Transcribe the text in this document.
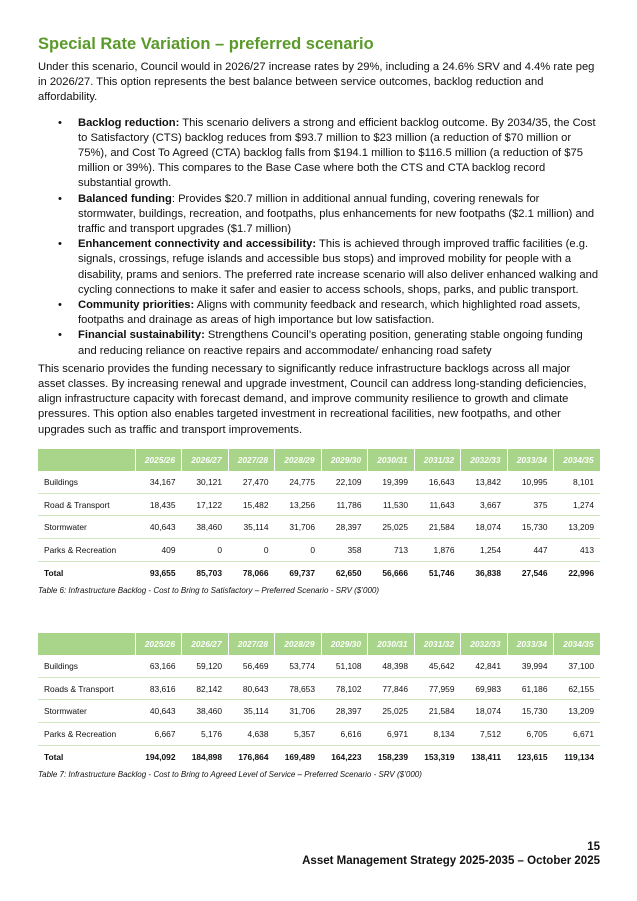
Special Rate Variation – preferred scenario

Under this scenario, Council would in 2026/27 increase rates by 29%, including a 24.6% SRV and 4.4% rate peg in 2026/27. This option represents the best balance between service outcomes, backlog reduction and affordability.

• Backlog reduction: This scenario delivers a strong and efficient backlog outcome. By 2034/35, the Cost to Satisfactory (CTS) backlog reduces from $93.7 million to $23 million (a reduction of $70 million or 75%), and Cost To Agreed (CTA) backlog falls from $194.1 million to $116.5 million (a reduction of $75 million or 39%). This compares to the Base Case where both the CTS and CTA backlog record substantial growth.
• Balanced funding: Provides $20.7 million in additional annual funding, covering renewals for stormwater, buildings, recreation, and footpaths, plus enhancements for new footpaths ($2.1 million) and traffic and transport upgrades ($1.7 million)
• Enhancement connectivity and accessibility: This is achieved through improved traffic facilities (e.g. signals, crossings, refuge islands and accessible bus stops) and improved mobility for people with a disability, prams and seniors. The preferred rate increase scenario will also deliver enhanced walking and cycling connections to make it safer and easier to access schools, shops, parks, and public transport.
• Community priorities: Aligns with community feedback and research, which highlighted road assets, footpaths and drainage as areas of high importance but low satisfaction.
• Financial sustainability: Strengthens Council’s operating position, generating stable ongoing funding and reducing reliance on reactive repairs and accommodate/ enhancing road safety

This scenario provides the funding necessary to significantly reduce infrastructure backlogs across all major asset classes. By increasing renewal and upgrade investment, Council can address long-standing deficiencies, align infrastructure capacity with forecast demand, and improve community resilience to growth and climate pressures. This option also enables targeted investment in recreational facilities, new footpaths, and other upgrades such as traffic and transport improvements.

	2025/26	2026/27	2027/28	2028/29	2029/30	2030/31	2031/32	2032/33	2033/34	2034/35
Buildings	34,167	30,121	27,470	24,775	22,109	19,399	16,643	13,842	10,995	8,101
Road & Transport	18,435	17,122	15,482	13,256	11,786	11,530	11,643	3,667	375	1,274
Stormwater	40,643	38,460	35,114	31,706	28,397	25,025	21,584	18,074	15,730	13,209
Parks & Recreation	409	0	0	0	358	713	1,876	1,254	447	413
Total	93,655	85,703	78,066	69,737	62,650	56,666	51,746	36,838	27,546	22,996
Table 6: Infrastructure Backlog - Cost to Bring to Satisfactory – Preferred Scenario - SRV ($’000)
	2025/26	2026/27	2027/28	2028/29	2029/30	2030/31	2031/32	2032/33	2033/34	2034/35
Buildings	63,166	59,120	56,469	53,774	51,108	48,398	45,642	42,841	39,994	37,100
Roads & Transport	83,616	82,142	80,643	78,653	78,102	77,846	77,959	69,983	61,186	62,155
Stormwater	40,643	38,460	35,114	31,706	28,397	25,025	21,584	18,074	15,730	13,209
Parks & Recreation	6,667	5,176	4,638	5,357	6,616	6,971	8,134	7,512	6,705	6,671
Total	194,092	184,898	176,864	169,489	164,223	158,239	153,319	138,411	123,615	119,134
Table 7: Infrastructure Backlog - Cost to Bring to Agreed Level of Service – Preferred Scenario - SRV ($’000)
15
Asset Management Strategy 2025-2035 – October 2025
